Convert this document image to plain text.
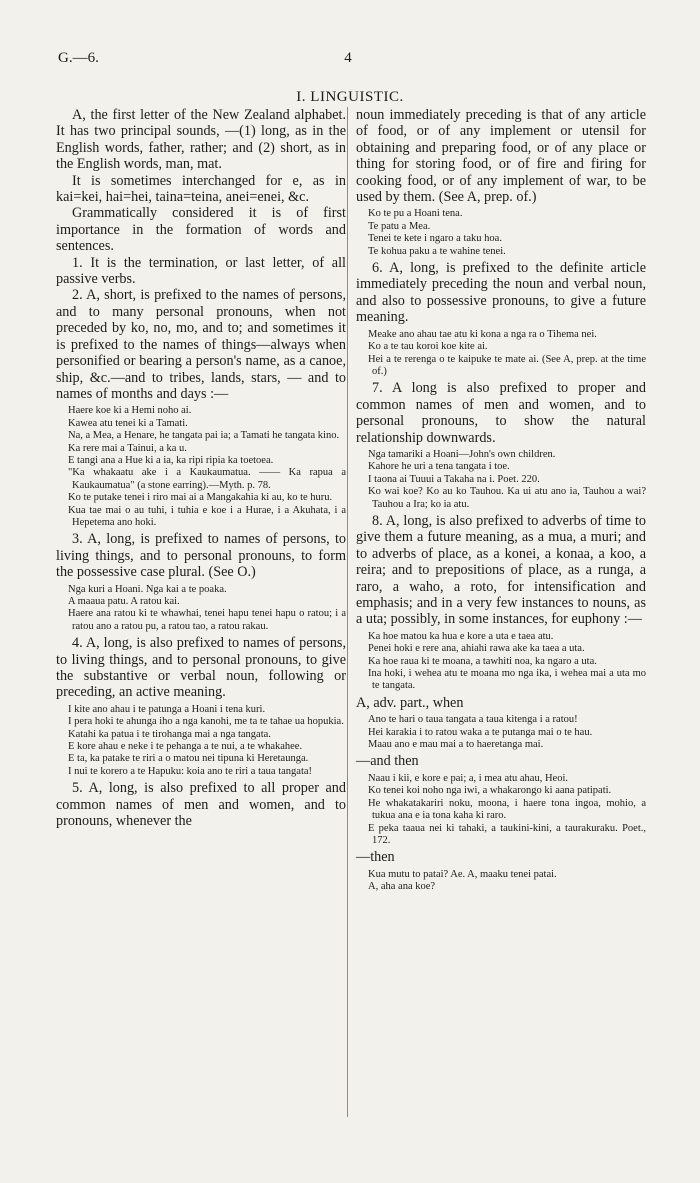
G.—6.	4
I. LINGUISTIC.

A, the first letter of the New Zealand alphabet. It has two principal sounds, —(1) long, as in the English words, father, rather; and (2) short, as in the English words, man, mat.

It is sometimes interchanged for e, as in kai=kei, hai=hei, taina=teina, anei=enei, &c.

Grammatically considered it is of first importance in the formation of words and sentences.

1. It is the termination, or last letter, of all passive verbs.

2. A, short, is prefixed to the names of persons, and to many personal pronouns, when not preceded by ko, no, mo, and to; and sometimes it is prefixed to the names of things—always when personified or bearing a person's name, as a canoe, ship, &c.—and to tribes, lands, stars, — and to names of months and days :—

Haere koe ki a Hemi noho ai.

Kawea atu tenei ki a Tamati.

Na, a Mea, a Henare, he tangata pai ia; a Tamati he tangata kino.

Ka rere mai a Tainui, a ka u.

E tangi ana a Hue ki a ia, ka ripi ripia ka toetoea.

"Ka whakaatu ake i a Kaukaumatua. —— Ka rapua a Kaukaumatua" (a stone earring).—Myth. p. 78.

Ko te putake tenei i riro mai ai a Mangakahia ki au, ko te huru.

Kua tae mai o au tuhi, i tuhia e koe i a Hurae, i a Akuhata, i a Hepetema ano hoki.

3. A, long, is prefixed to names of persons, to living things, and to personal pronouns, to form the possessive case plural. (See O.)

Nga kuri a Hoani. Nga kai a te poaka.

A maaua patu. A ratou kai.

Haere ana ratou ki te whawhai, tenei hapu tenei hapu o ratou; i a ratou ano a ratou pu, a ratou tao, a ratou rakau.

4. A, long, is also prefixed to names of persons, to living things, and to personal pronouns, to give the substantive or verbal noun, following or preceding, an active meaning.

I kite ano ahau i te patunga a Hoani i tena kuri.

I pera hoki te ahunga iho a nga kanohi, me ta te tahae ua hopukia.

Katahi ka patua i te tirohanga mai a nga tangata.

E kore ahau e neke i te pehanga a te nui, a te whakahee.

E ta, ka patake te riri a o matou nei tipuna ki Heretaunga.

I nui te korero a te Hapuku: koia ano te riri a taua tangata!

5. A, long, is also prefixed to all proper and common names of men and women, and to pronouns, whenever the

noun immediately preceding is that of any article of food, or of any implement or utensil for obtaining and preparing food, or of any place or thing for storing food, or of fire and firing for cooking food, or of any implement of war, to be used by them. (See A, prep. of.)

Ko te pu a Hoani tena.

Te patu a Mea.

Tenei te kete i ngaro a taku hoa.

Te kohua paku a te wahine tenei.

6. A, long, is prefixed to the definite article immediately preceding the noun and verbal noun, and also to possessive pronouns, to give a future meaning.

Meake ano ahau tae atu ki kona a nga ra o Tihema nei.

Ko a te tau koroi koe kite ai.

Hei a te rerenga o te kaipuke te mate ai. (See A, prep. at the time of.)

7. A long is also prefixed to proper and common names of men and women, and to personal pronouns, to show the natural relationship downwards.

Nga tamariki a Hoani—John's own children.

Kahore he uri a tena tangata i toe.

I taona ai Tuuui a Takaha na i. Poet. 220.

Ko wai koe? Ko au ko Tauhou. Ka ui atu ano ia, Tauhou a wai? Tauhou a Ira; ko ia atu.

8. A, long, is also prefixed to adverbs of time to give them a future meaning, as a mua, a muri; and to adverbs of place, as a konei, a konaa, a koo, a reira; and to prepositions of place, as a runga, a raro, a waho, a roto, for intensification and emphasis; and in a very few instances to nouns, as a uta; possibly, in some instances, for euphony :—

Ka hoe matou ka hua e kore a uta e taea atu.

Penei hoki e rere ana, ahiahi rawa ake ka taea a uta.

Ka hoe raua ki te moana, a tawhiti noa, ka ngaro a uta.

Ina hoki, i wehea atu te moana mo nga ika, i wehea mai a uta mo te tangata.

A, adv. part., when

Ano te hari o taua tangata a taua kitenga i a ratou!

Hei karakia i to ratou waka a te putanga mai o te hau.

Maau ano e mau mai a to haeretanga mai.

—and then

Naau i kii, e kore e pai; a, i mea atu ahau, Heoi.

Ko tenei koi noho nga iwi, a whakarongo ki aana patipati.

He whakatakariri noku, moona, i haere tona ingoa, mohio, a tukua ana e ia tona kaha ki raro.

E peka taaua nei ki tahaki, a taukini-kini, a taurakuraku. Poet., 172.

—then

Kua mutu to patai? Ae. A, maaku tenei patai.

A, aha ana koe?
